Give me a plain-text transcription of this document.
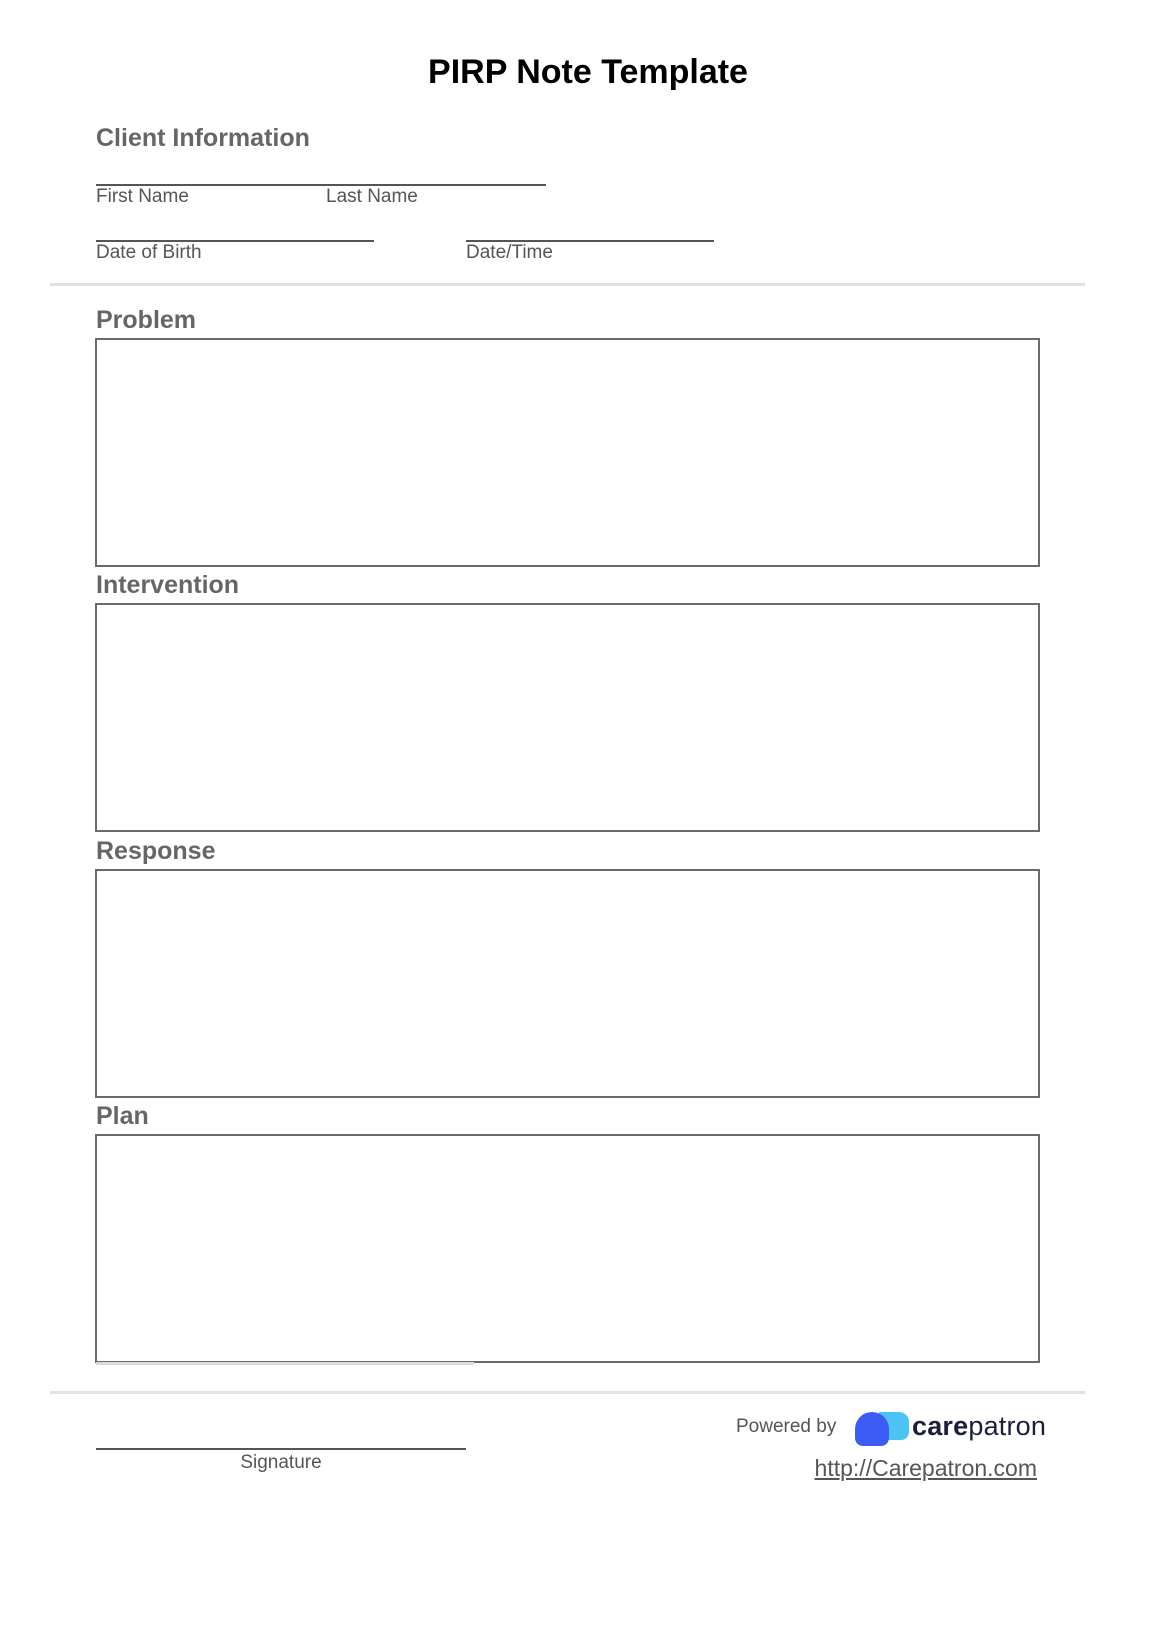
PIRP Note Template
Client Information
First Name	Last Name
Date of Birth	Date/Time
Problem
Intervention
Response
Plan
Signature
Powered by	carepatron
http://Carepatron.com
